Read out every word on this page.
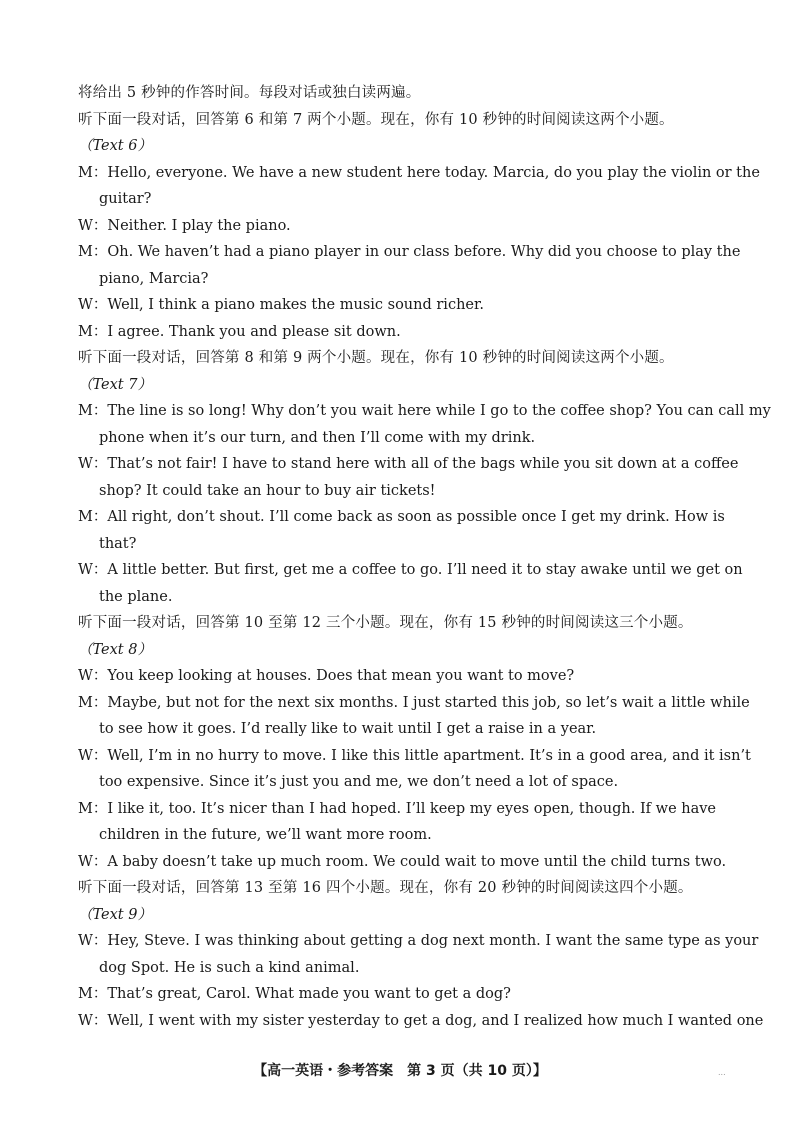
将给出 5 秒钟的作答时间。每段对话或独白读两遍。
听下面一段对话，回答第 6 和第 7 两个小题。现在，你有 10 秒钟的时间阅读这两个小题。
（Text 6）
M： Hello, everyone. We have a new student here today. Marcia, do you play the violin or the
guitar?
W： Neither. I play the piano.
M： Oh. We haven’t had a piano player in our class before. Why did you choose to play the
piano, Marcia?
W： Well, I think a piano makes the music sound richer.
M： I agree. Thank you and please sit down.
听下面一段对话，回答第 8 和第 9 两个小题。现在，你有 10 秒钟的时间阅读这两个小题。
（Text 7）
M： The line is so long! Why don’t you wait here while I go to the coffee shop? You can call my
phone when it’s our turn, and then I’ll come with my drink.
W： That’s not fair! I have to stand here with all of the bags while you sit down at a coffee
shop? It could take an hour to buy air tickets!
M： All right, don’t shout. I’ll come back as soon as possible once I get my drink. How is
that?
W： A little better. But first, get me a coffee to go. I’ll need it to stay awake until we get on
the plane.
听下面一段对话，回答第 10 至第 12 三个小题。现在，你有 15 秒钟的时间阅读这三个小题。
（Text 8）
W： You keep looking at houses. Does that mean you want to move?
M： Maybe, but not for the next six months. I just started this job, so let’s wait a little while
to see how it goes. I’d really like to wait until I get a raise in a year.
W： Well, I’m in no hurry to move. I like this little apartment. It’s in a good area, and it isn’t
too expensive. Since it’s just you and me, we don’t need a lot of space.
M： I like it, too. It’s nicer than I had hoped. I’ll keep my eyes open, though. If we have
children in the future, we’ll want more room.
W： A baby doesn’t take up much room. We could wait to move until the child turns two.
听下面一段对话，回答第 13 至第 16 四个小题。现在，你有 20 秒钟的时间阅读这四个小题。
（Text 9）
W： Hey, Steve. I was thinking about getting a dog next month. I want the same type as your
dog Spot. He is such a kind animal.
M： That’s great, Carol. What made you want to get a dog?
W： Well, I went with my sister yesterday to get a dog, and I realized how much I wanted one
【高一英语・参考答案　第 3 页（共 10 页）】	...
